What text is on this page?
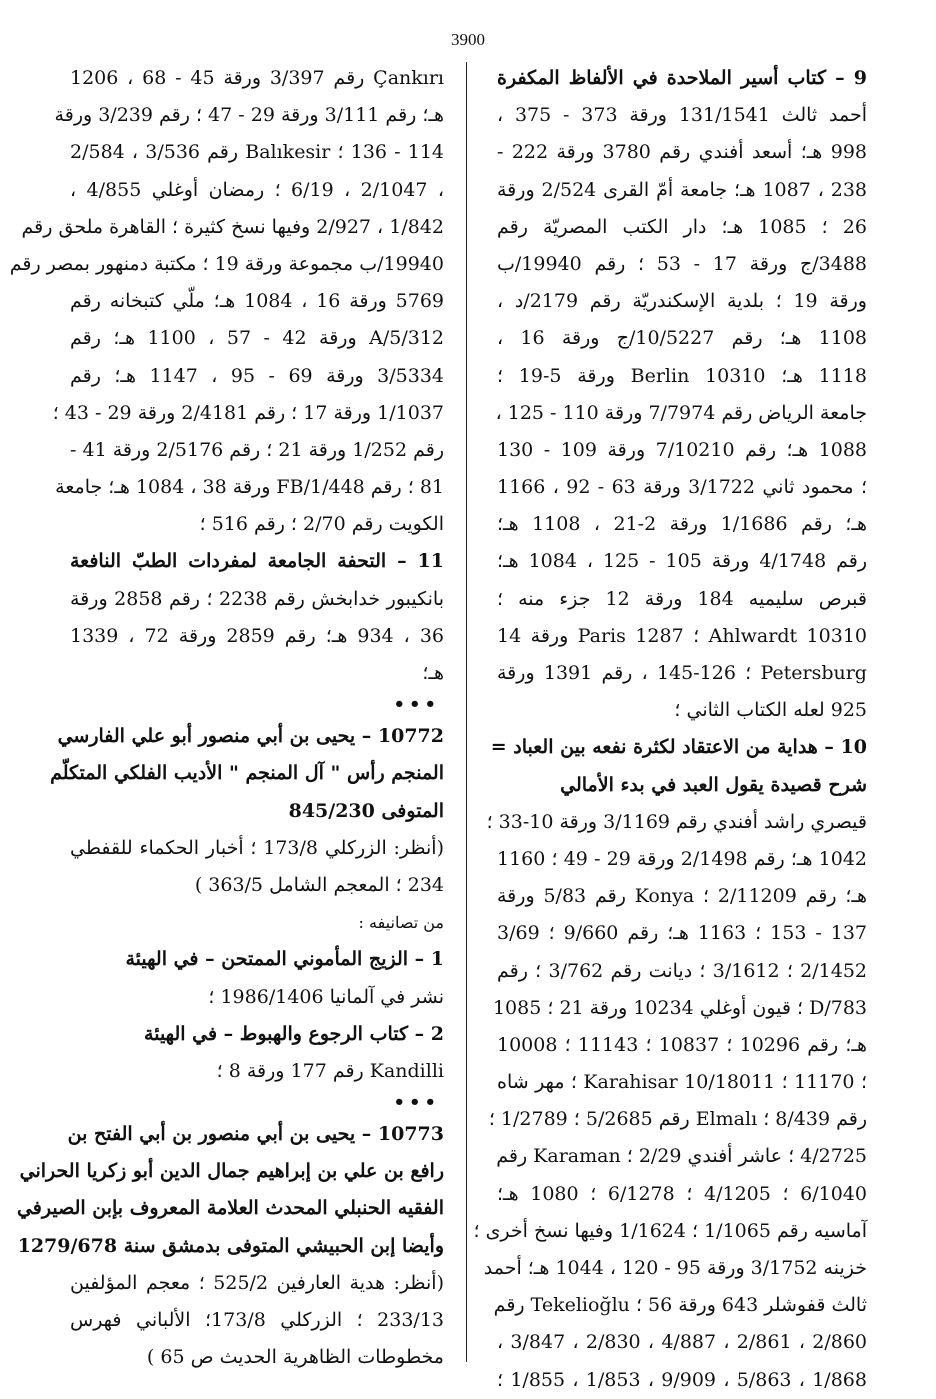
3900
9 – كتاب أسير الملاحدة في الألفاظ المكفرة
أحمد ثالث 131/1541 ورقة 373 - 375 ،
998 هـ؛ أسعد أفندي رقم 3780 ورقة 222 -
238 ، 1087 هـ؛ جامعة أمّ القرى 2/524 ورقة
26 ؛ 1085 هـ؛ دار الكتب المصريّة رقم
3488/ج ورقة 17 - 53 ؛ رقم 19940/ب
ورقة 19 ؛ بلدية الإسكندريّة رقم 2179/د ،
1108 هـ؛ رقم 10/5227/ج ورقة 16 ،
1118 هـ؛ Berlin 10310 ورقة 5-19 ؛
جامعة الرياض رقم 7/7974 ورقة 110 - 125 ،
1088 هـ؛ رقم 7/10210 ورقة 109 - 130
؛ محمود ثاني 3/1722 ورقة 63 - 92 ، 1166
هـ؛ رقم 1/1686 ورقة 2-21 ، 1108 هـ؛
رقم 4/1748 ورقة 105 - 125 ، 1084 هـ؛
قبرص سليميه 184 ورقة 12 جزء منه ؛
Ahlwardt 10310 ؛ Paris 1287 ورقة 14
Petersburg ؛ 126-145 ، رقم 1391 ورقة
925 لعله الكتاب الثاني ؛
10 – هداية من الاعتقاد لكثرة نفعه بين العباد =
شرح قصيدة يقول العبد في بدء الأمالي
قيصري راشد أفندي رقم 3/1169 ورقة 10-33 ؛
1042 هـ؛ رقم 2/1498 ورقة 29 - 49 ؛ 1160
هـ؛ رقم 2/11209 ؛ Konya رقم 5/83 ورقة
137 - 153 ؛ 1163 هـ؛ رقم 9/660 ؛ 3/69
2/1452 ؛ 3/1612 ؛ ديانت رقم 3/762 ؛ رقم
783/D ؛ قيون أوغلي 10234 ورقة 21 ؛ 1085
هـ؛ رقم 10296 ؛ 10837 ؛ 11143 ؛ 10008
؛ 11170 ؛ Karahisar 10/18011 ؛ مهر شاه
رقم 8/439 ؛ Elmalı رقم 5/2685 ؛ 1/2789 ؛
4/2725 ؛ عاشر أفندي 2/29 ؛ Karaman رقم
6/1040 ؛ 4/1205 ؛ 6/1278 ؛ 1080 هـ؛
آماسيه رقم 1/1065 ؛ 1/1624 وفيها نسخ أخرى ؛
خزينه 3/1752 ورقة 95 - 120 ، 1044 هـ؛ أحمد
ثالث قفوشلر 643 ورقة 56 ؛ Tekelioğlu رقم
2/860 ، 2/861 ، 4/887 ، 2/830 ، 3/847 ،
1/868 ، 5/863 ، 9/909 ، 1/853 ، 1/855 ؛
Çankırı رقم 3/397 ورقة 45 - 68 ، 1206
هـ؛ رقم 3/111 ورقة 29 - 47 ؛ رقم 3/239 ورقة
114 - 136 ؛ Balıkesir رقم 3/536 ، 2/584
، 2/1047 ، 6/19 ؛ رمضان أوغلي 4/855 ،
1/842 ، 2/927 وفيها نسخ كثيرة ؛ القاهرة ملحق رقم
19940/ب مجموعة ورقة 19 ؛ مكتبة دمنهور بمصر رقم
5769 ورقة 16 ، 1084 هـ؛ ملّي كتبخانه رقم
5/312/A ورقة 42 - 57 ، 1100 هـ؛ رقم
3/5334 ورقة 69 - 95 ، 1147 هـ؛ رقم
1/1037 ورقة 17 ؛ رقم 2/4181 ورقة 29 - 43 ؛
رقم 1/252 ورقة 21 ؛ رقم 2/5176 ورقة 41 -
81 ؛ رقم 1/448/FB ورقة 38 ، 1084 هـ؛ جامعة
الكويت رقم 2/70 ؛ رقم 516 ؛
11 – التحفة الجامعة لمفردات الطبّ النافعة
بانكيبور خدابخش رقم 2238 ؛ رقم 2858 ورقة
36 ، 934 هـ؛ رقم 2859 ورقة 72 ، 1339
هـ؛
•••
10772 – يحيى بن أبي منصور أبو علي الفارسي
المنجم رأس " آل المنجم " الأديب الفلكي المتكلّم
المتوفى 845/230
(أنظر: الزركلي 173/8 ؛ أخبار الحكماء للقفطي
234 ؛ المعجم الشامل 363/5 )
من تصانيفه :
1 – الزيج المأموني الممتحن – في الهيئة
نشر في آلمانيا 1986/1406 ؛
2 – كتاب الرجوع والهبوط – في الهيئة
Kandilli رقم 177 ورقة 8 ؛
•••
10773 – يحيى بن أبي منصور بن أبي الفتح بن
رافع بن علي بن إبراهيم جمال الدين أبو زكريا الحراني
الفقيه الحنبلي المحدث العلامة المعروف بإبن الصيرفي
وأيضا إبن الحبيشي المتوفى بدمشق سنة 1279/678
(أنظر: هدية العارفين 525/2 ؛ معجم المؤلفين
233/13 ؛ الزركلي 173/8؛ الألباني فهرس
مخطوطات الظاهرية الحديث ص 65 )
